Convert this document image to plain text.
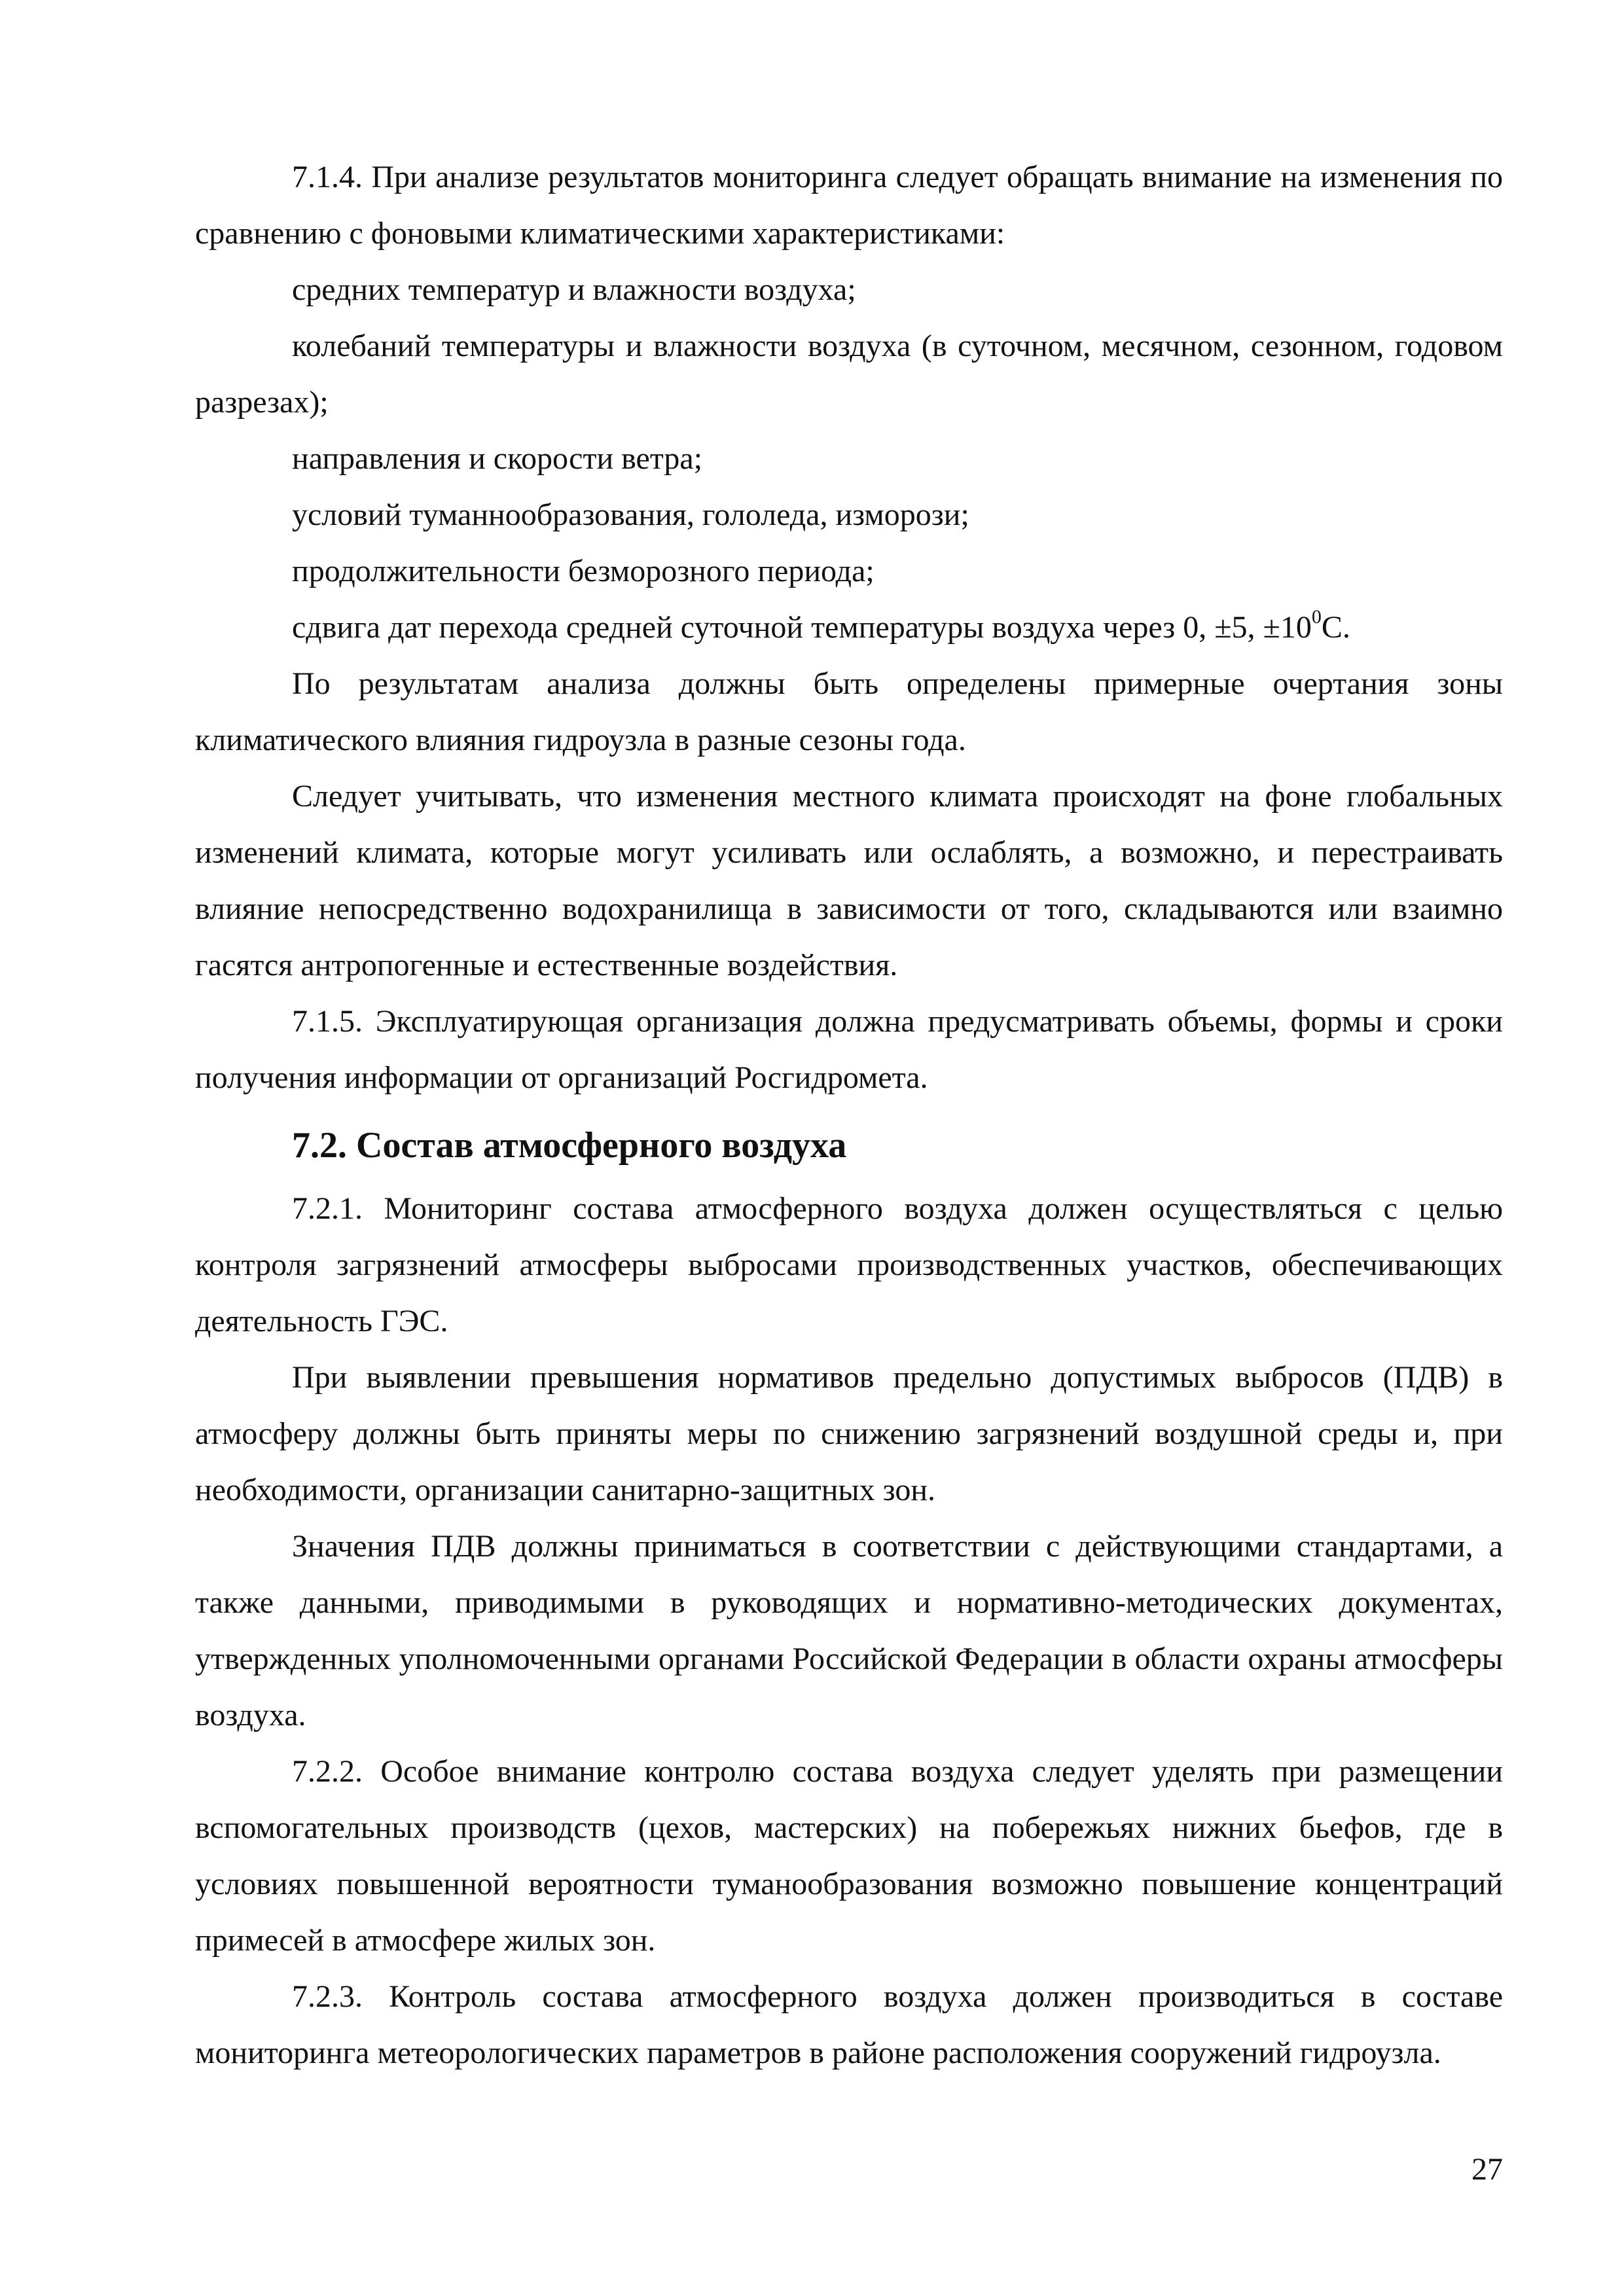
7.1.4. При анализе результатов мониторинга следует обращать внимание на изменения по сравнению с фоновыми климатическими характеристиками:

средних температур и влажности воздуха;

колебаний температуры и влажности воздуха (в суточном, месячном, сезонном, годовом разрезах);

направления и скорости ветра;

условий туманнообразования, гололеда, изморози;

продолжительности безморозного периода;

сдвига дат перехода средней суточной температуры воздуха через 0, ±5, $\pm 10^0С$.

По результатам анализа должны быть определены примерные очертания зоны климатического влияния гидроузла в разные сезоны года.

Следует учитывать, что изменения местного климата происходят на фоне глобальных изменений климата, которые могут усиливать или ослаблять, а возможно, и перестраивать влияние непосредственно водохранилища в зависимости от того, складываются или взаимно гасятся антропогенные и естественные воздействия.

7.1.5. Эксплуатирующая организация должна предусматривать объемы, формы и сроки получения информации от организаций Росгидромета.

7.2. Состав атмосферного воздуха

7.2.1. Мониторинг состава атмосферного воздуха должен осуществляться с целью контроля загрязнений атмосферы выбросами производственных участков, обеспечивающих деятельность ГЭС.

При выявлении превышения нормативов предельно допустимых выбросов (ПДВ) в атмосферу должны быть приняты меры по снижению загрязнений воздушной среды и, при необходимости, организации санитарно-защитных зон.

Значения ПДВ должны приниматься в соответствии с действующими стандартами, а также данными, приводимыми в руководящих и нормативно-методических документах, утвержденных уполномоченными органами Российской Федерации в области охраны атмосферы воздуха.

7.2.2. Особое внимание контролю состава воздуха следует уделять при размещении вспомогательных производств (цехов, мастерских) на побережьях нижних бьефов, где в условиях повышенной вероятности туманообразования возможно повышение концентраций примесей в атмосфере жилых зон.

7.2.3. Контроль состава атмосферного воздуха должен производиться в составе мониторинга метеорологических параметров в районе расположения сооружений гидроузла.

27
